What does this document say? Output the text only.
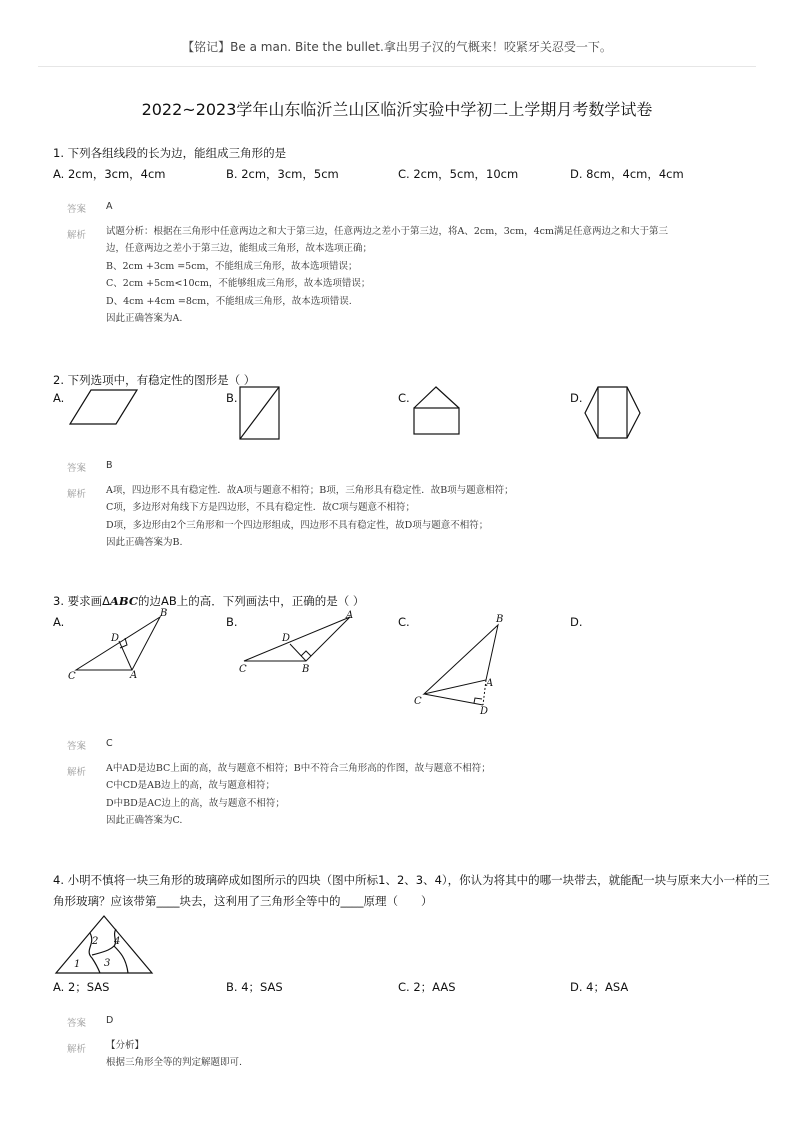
【铭记】Be a man. Bite the bullet.拿出男子汉的气概来！咬紧牙关忍受一下。
2022~2023学年山东临沂兰山区临沂实验中学初二上学期月考数学试卷
1. 下列各组线段的长为边，能组成三角形的是
A. 2cm，3cm，4cm	B. 2cm，3cm，5cm	C. 2cm，5cm，10cm	D. 8cm，4cm，4cm
答案 A
解析 试题分析：根据在三角形中任意两边之和大于第三边，任意两边之差小于第三边，将A、2cm，3cm，4cm满足任意两边之和大于第三
边，任意两边之差小于第三边，能组成三角形，故本选项正确；
B、2cm +3cm =5cm，不能组成三角形，故本选项错误；
C、2cm +5cm<10cm，不能够组成三角形，故本选项错误；
D、4cm +4cm =8cm，不能组成三角形，故本选项错误.
因此正确答案为A.
2. 下列选项中，有稳定性的图形是（ ）
A.	B.	C.	D.
答案 B
解析 A项，四边形不具有稳定性．故A项与题意不相符；B项，三角形具有稳定性．故B项与题意相符；
C项，多边形对角线下方是四边形，不具有稳定性．故C项与题意不相符；
D项，多边形由2个三角形和一个四边形组成，四边形不具有稳定性，故D项与题意不相符；
因此正确答案为B.
3. 要求画ΔABC的边AB上的高．下列画法中，正确的是（ ）
A.	B.	C.	D.
D
B
C	A
D
A
C	B
B
A
C
D
答案 C
解析 A中AD是边BC上面的高，故与题意不相符；B中不符合三角形高的作图，故与题意不相符；
C中CD是AB边上的高，故与题意相符；
D中BD是AC边上的高，故与题意不相符；
因此正确答案为C.
4. 小明不慎将一块三角形的玻璃碎成如图所示的四块（图中所标1、2、3、4），你认为将其中的哪一块带去，就能配一块与原来大小一样的三
角形玻璃？应该带第____块去，这利用了三角形全等中的____原理（　　）
2 4
1 3
A. 2；SAS	B. 4；SAS	C. 2；AAS	D. 4；ASA
答案 D
解析 【分析】
根据三角形全等的判定解题即可.
